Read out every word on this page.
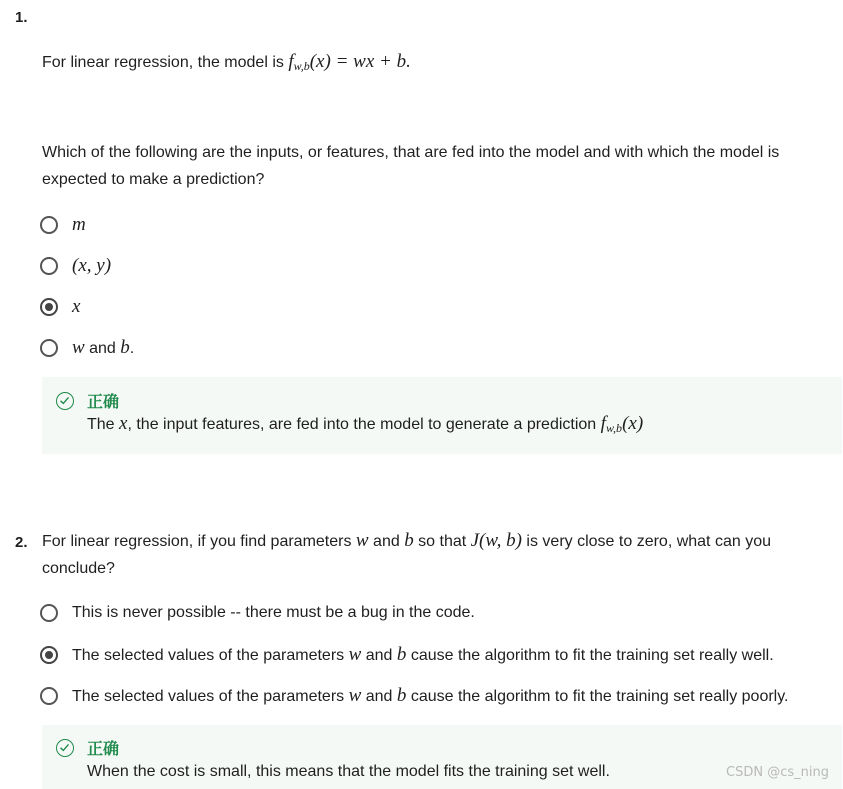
1.
For linear regression, the model is $f_{w,b}(x)$ = wx + b.
Which of the following are the inputs, or features, that are fed into the model and with which the model is expected to make a prediction?
m
(x, y)
x
w and b.
正确
The x, the input features, are fed into the model to generate a prediction $f_{w,b}(x)$
2. For linear regression, if you find parameters w and b so that J(w, b) is very close to zero, what can you
conclude?
This is never possible -- there must be a bug in the code.
The selected values of the parameters w and b cause the algorithm to fit the training set really well.
The selected values of the parameters w and b cause the algorithm to fit the training set really poorly.
正确
When the cost is small, this means that the model fits the training set well.	CSDN @cs_ning
